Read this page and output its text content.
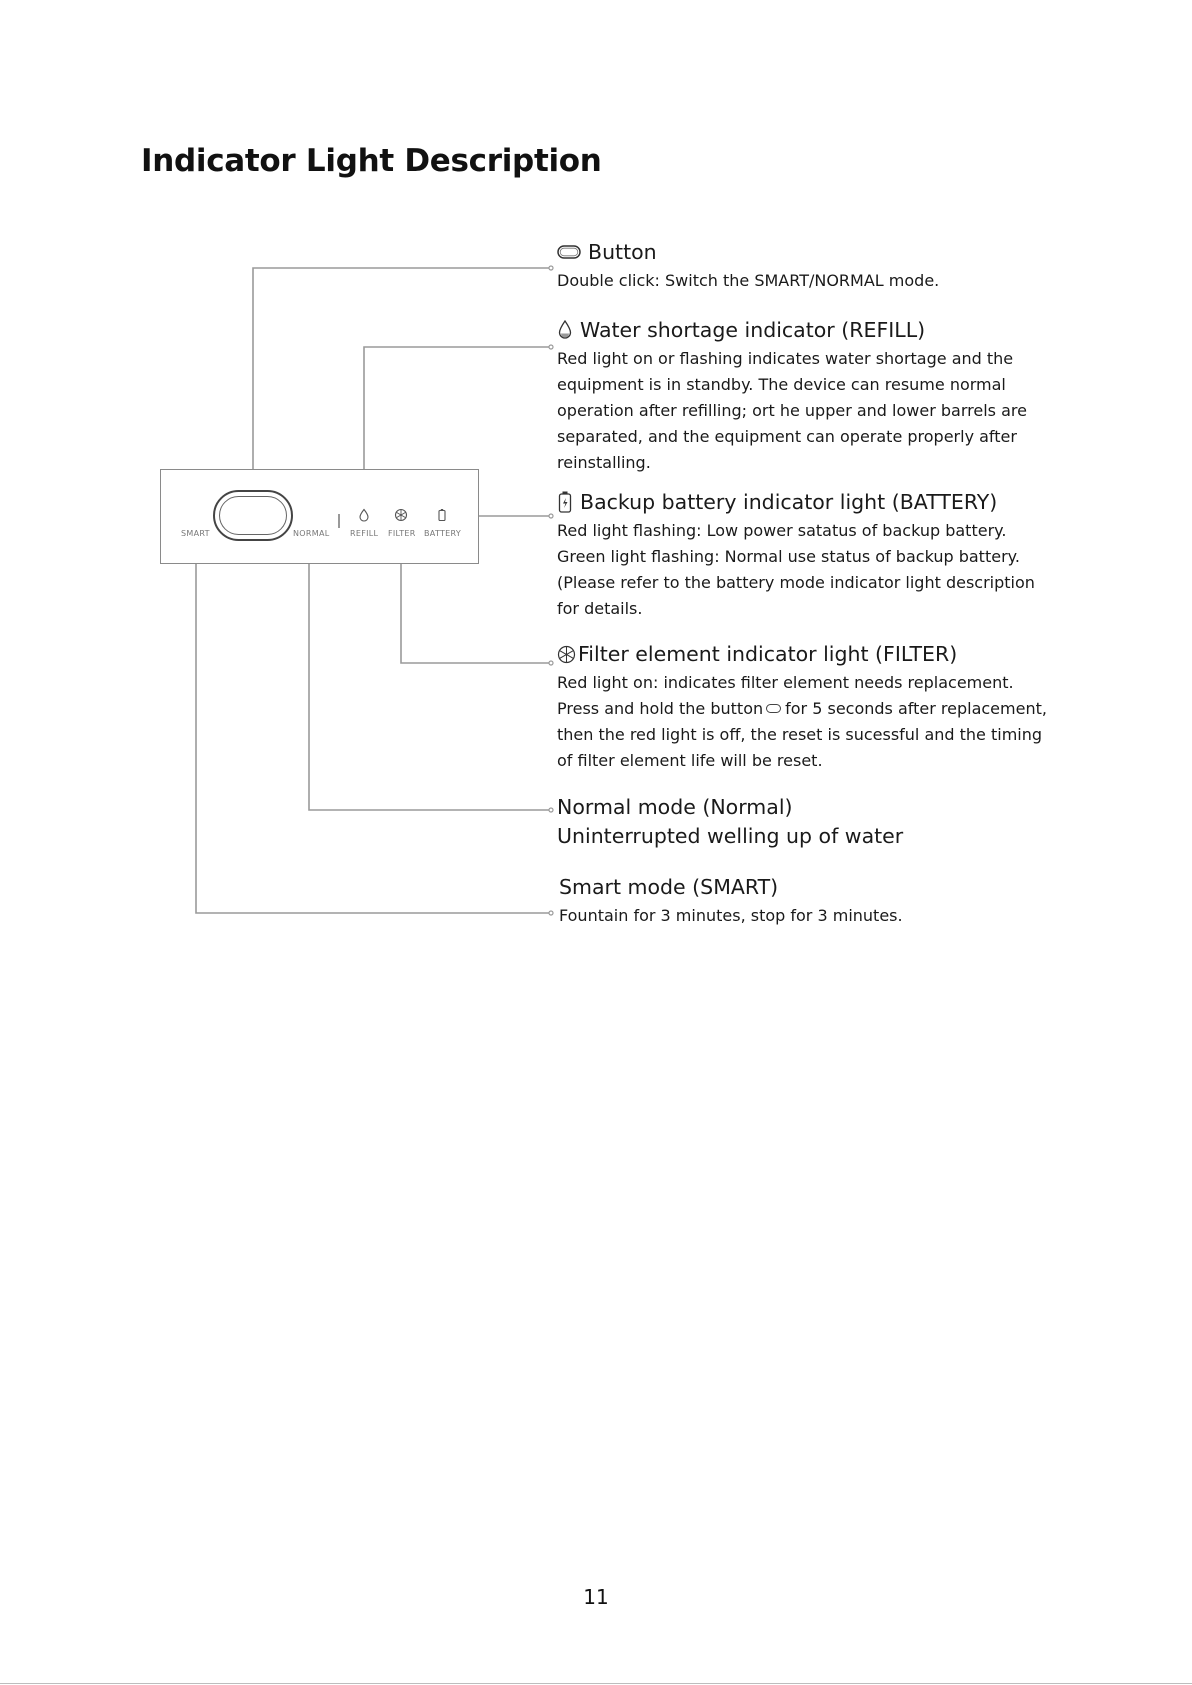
Indicator Light Description
SMART	NORMAL	REFILL FILTER BATTERY
Button
Double click: Switch the SMART/NORMAL mode.
Water shortage indicator (REFILL)
Red light on or flashing indicates water shortage and the
equipment is in standby. The device can resume normal
operation after refilling; ort he upper and lower barrels are
separated, and the equipment can operate properly after
reinstalling.
Backup battery indicator light (BATTERY)
Red light flashing: Low power satatus of backup battery.
Green light flashing: Normal use status of backup battery.
(Please refer to the battery mode indicator light description
for details.
Filter element indicator light (FILTER)
Red light on: indicates filter element needs replacement.
Press and hold the button for 5 seconds after replacement,
then the red light is off, the reset is sucessful and the timing
of filter element life will be reset.
Normal mode (Normal)
Uninterrupted welling up of water
Smart mode (SMART)
Fountain for 3 minutes, stop for 3 minutes.
11
